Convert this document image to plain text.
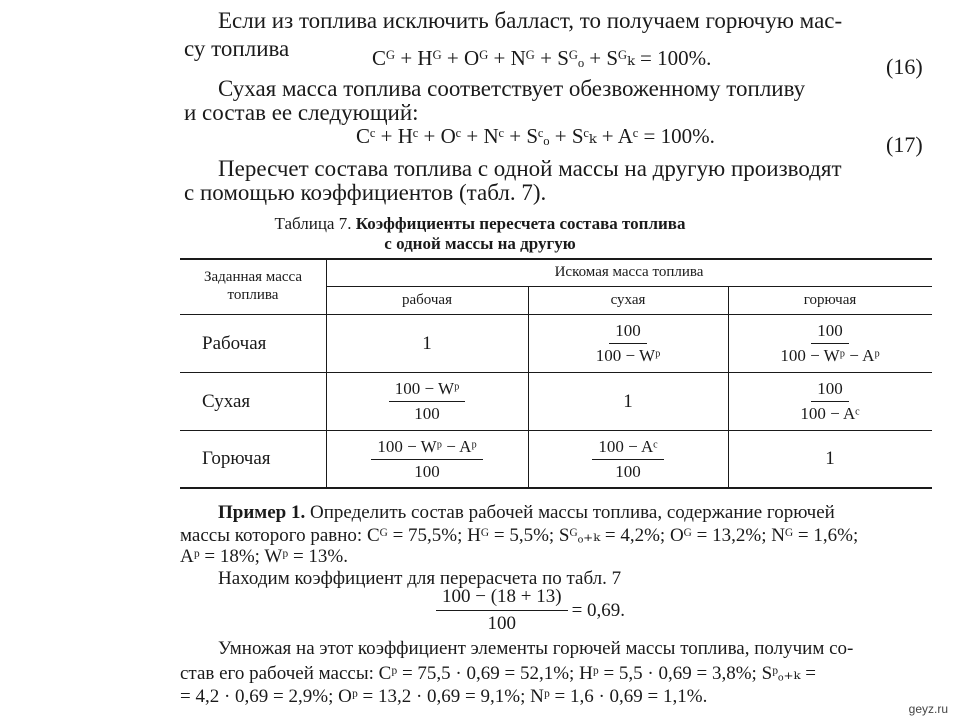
Если из топлива исключить балласт, то получаем горючую мас-
су топлива	Cᴳ + Hᴳ + Oᴳ + Nᴳ + Sᴳₒ + Sᴳₖ = 100%.	(16)
Сухая масса топлива соответствует обезвоженному топливу
и состав ее следующий:
Cᶜ + Hᶜ + Oᶜ + Nᶜ + Sᶜₒ + Sᶜₖ + Aᶜ = 100%.	(17)
Пересчет состава топлива с одной массы на другую производят
с помощью коэффициентов (табл. 7).
Таблица 7. Коэффициенты пересчета состава топлива
с одной массы на другую
Заданная масса топлива
Искомая масса топлива
рабочая	сухая	горючая
Рабочая	1	$\frac{100}{\text{100 − Wᵖ}}$	$\frac{100}{\text{100 − Wᵖ − Aᵖ}}$
Сухая	$\frac{\text{100 − Wᵖ}}{100}$	1	$\frac{100}{\text{100 − Aᶜ}}$
Горючая	$\frac{\text{100 − Wᵖ − Aᵖ}}{100}$	$\frac{\text{100 − Aᶜ}}{100}$	1
Пример 1. Определить состав рабочей массы топлива, содержание горючей
массы которого равно: Cᴳ = 75,5%; Hᴳ = 5,5%; Sᴳₒ₊ₖ = 4,2%; Oᴳ = 13,2%; Nᴳ = 1,6%;
Aᵖ = 18%; Wᵖ = 13%.
Находим коэффициент для перерасчета по табл. 7
$\frac{100 - (18 + 13)}{100} = 0,69$.
Умножая на этот коэффициент элементы горючей массы топлива, получим со-
став его рабочей массы: Cᵖ = 75,5 · 0,69 = 52,1%; Hᵖ = 5,5 · 0,69 = 3,8%; Sᵖₒ₊ₖ =
= 4,2 · 0,69 = 2,9%; Oᵖ = 13,2 · 0,69 = 9,1%; Nᵖ = 1,6 · 0,69 = 1,1%.
geyz.ru
